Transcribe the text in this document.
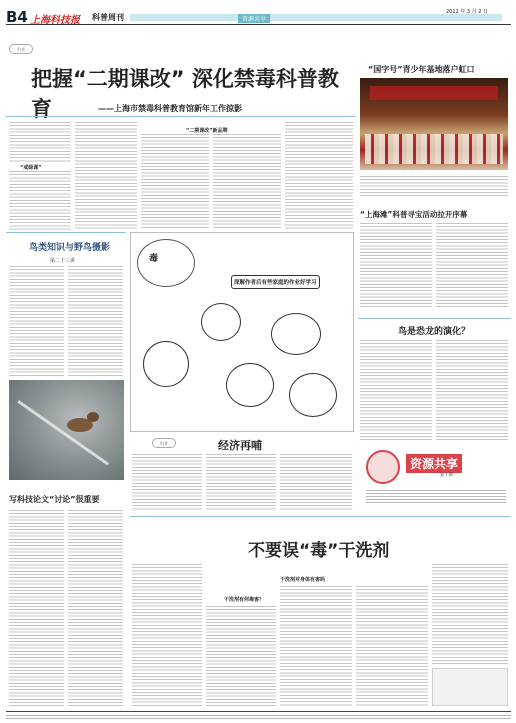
B4 上海科技报 科普周刊	资源共享
2012 年 3 月 2 日
科普
把握“二期课改” 深化禁毒科普教育	——上海市禁毒科普教育馆新年工作掠影
“戒绿课”
“二期课改”新品牌
“国字号”青少年基地落户虹口
“上海滩”科普寻宝活动拉开序幕
鸟类知识与野鸟摄影
第二十三讲	毒
深解作者后有些家庭的作业好学习
鸟是恐龙的演化？
科普	经济再哺
资源共享
第 ? 期
写科技论文“讨论”很重要
不要误“毒”干洗剂
干洗剂有何毒害？
干洗剂对身体有害吗
